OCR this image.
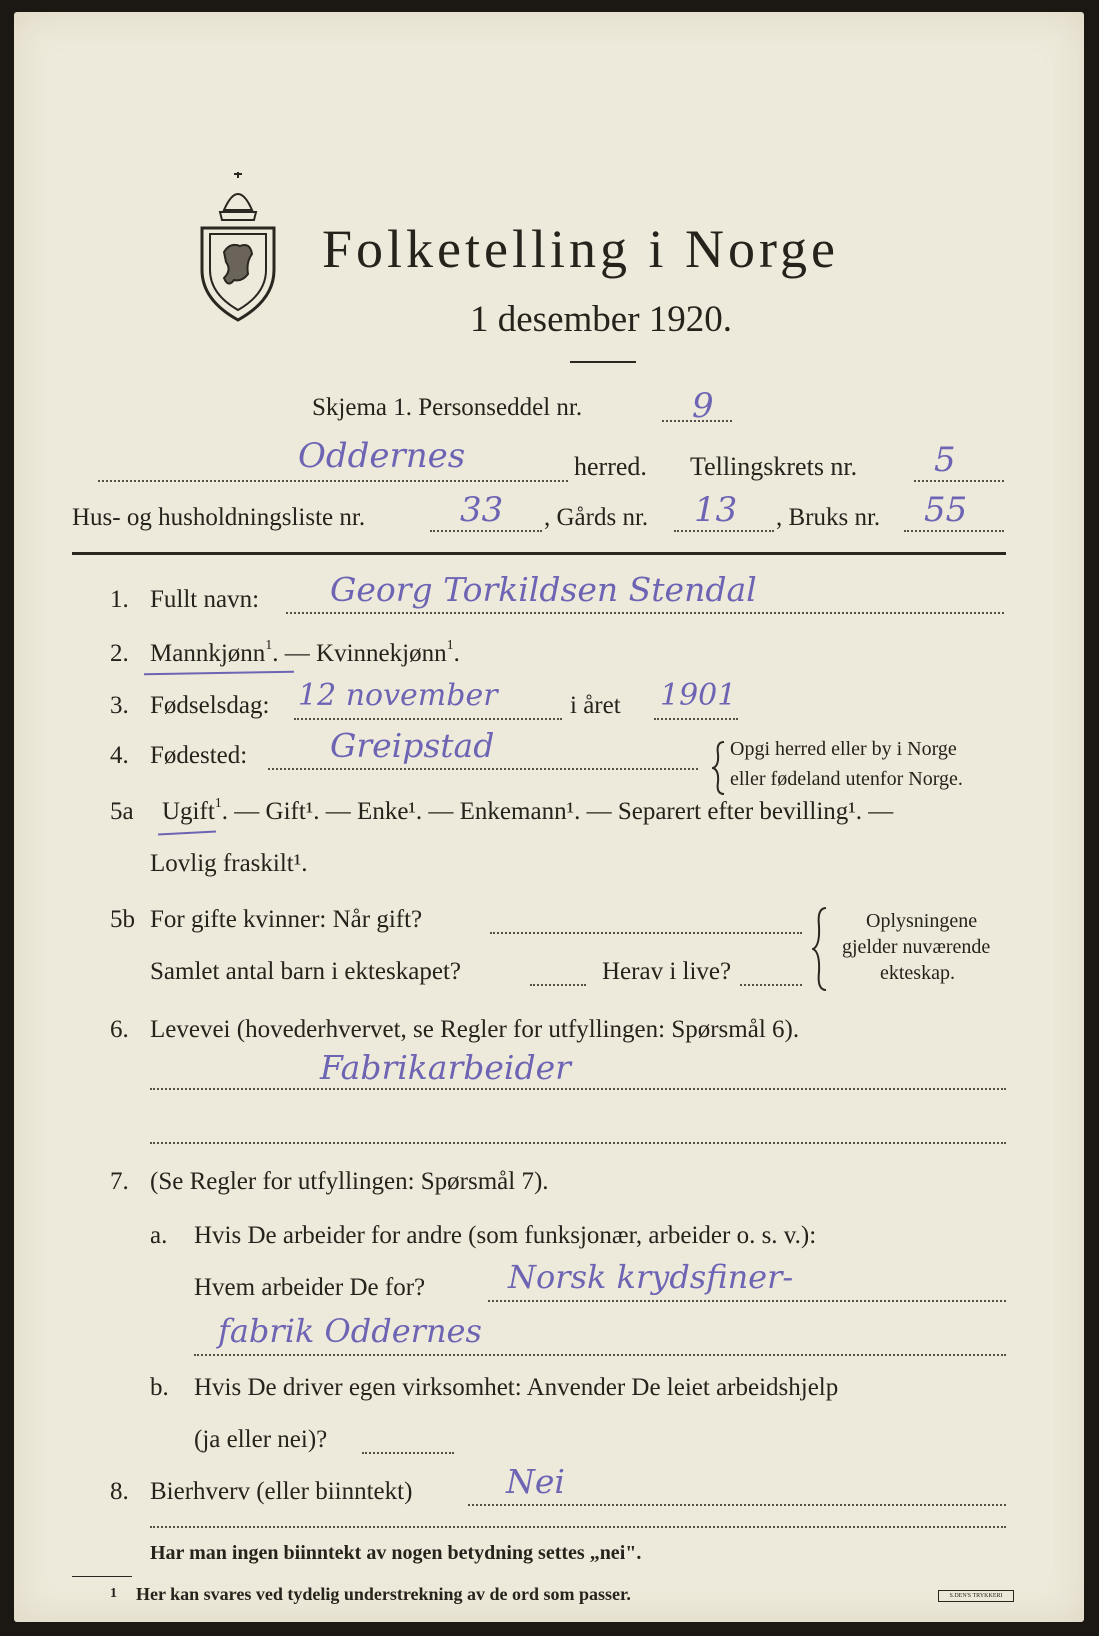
Folketelling i Norge
1 desember 1920.
Skjema 1. Personseddel nr.	9
Oddernes	herred. Tellingskrets nr. 5
Hus- og husholdningsliste nr.	33 , Gårds nr. 13 , Bruks nr. 55
1. Fullt navn: Georg Torkildsen Stendal
2. Mannkjønn$^1$. — Kvinnekjønn$^1$.
3. Fødselsdag: 12 november	i året 1901
4. Fødested:	Greipstad	Opgi herred eller by i Norge
eller fødeland utenfor Norge.
5a Ugift$^1$. — Gift¹. — Enke¹. — Enkemann¹. — Separert efter bevilling¹. —
Lovlig fraskilt¹.
5b For gifte kvinner: Når gift?
Samlet antal barn i ekteskapet?	Herav i live?
Oplysningene
gjelder nuværende
ekteskap.
6. Levevei (hovederhvervet, se Regler for utfyllingen: Spørsmål 6).
Fabrikarbeider
7. (Se Regler for utfyllingen: Spørsmål 7).
a. Hvis De arbeider for andre (som funksjonær, arbeider o. s. v.):
Hvem arbeider De for?	Norsk krydsfiner-
fabrik Oddernes
b. Hvis De driver egen virksomhet: Anvender De leiet arbeidshjelp
(ja eller nei)?
8. Bierhverv (eller biinntekt)	Nei
Har man ingen biinntekt av nogen betydning settes „nei".
1 Her kan svares ved tydelig understrekning av de ord som passer.	S.DEN'S TRYKKERI
